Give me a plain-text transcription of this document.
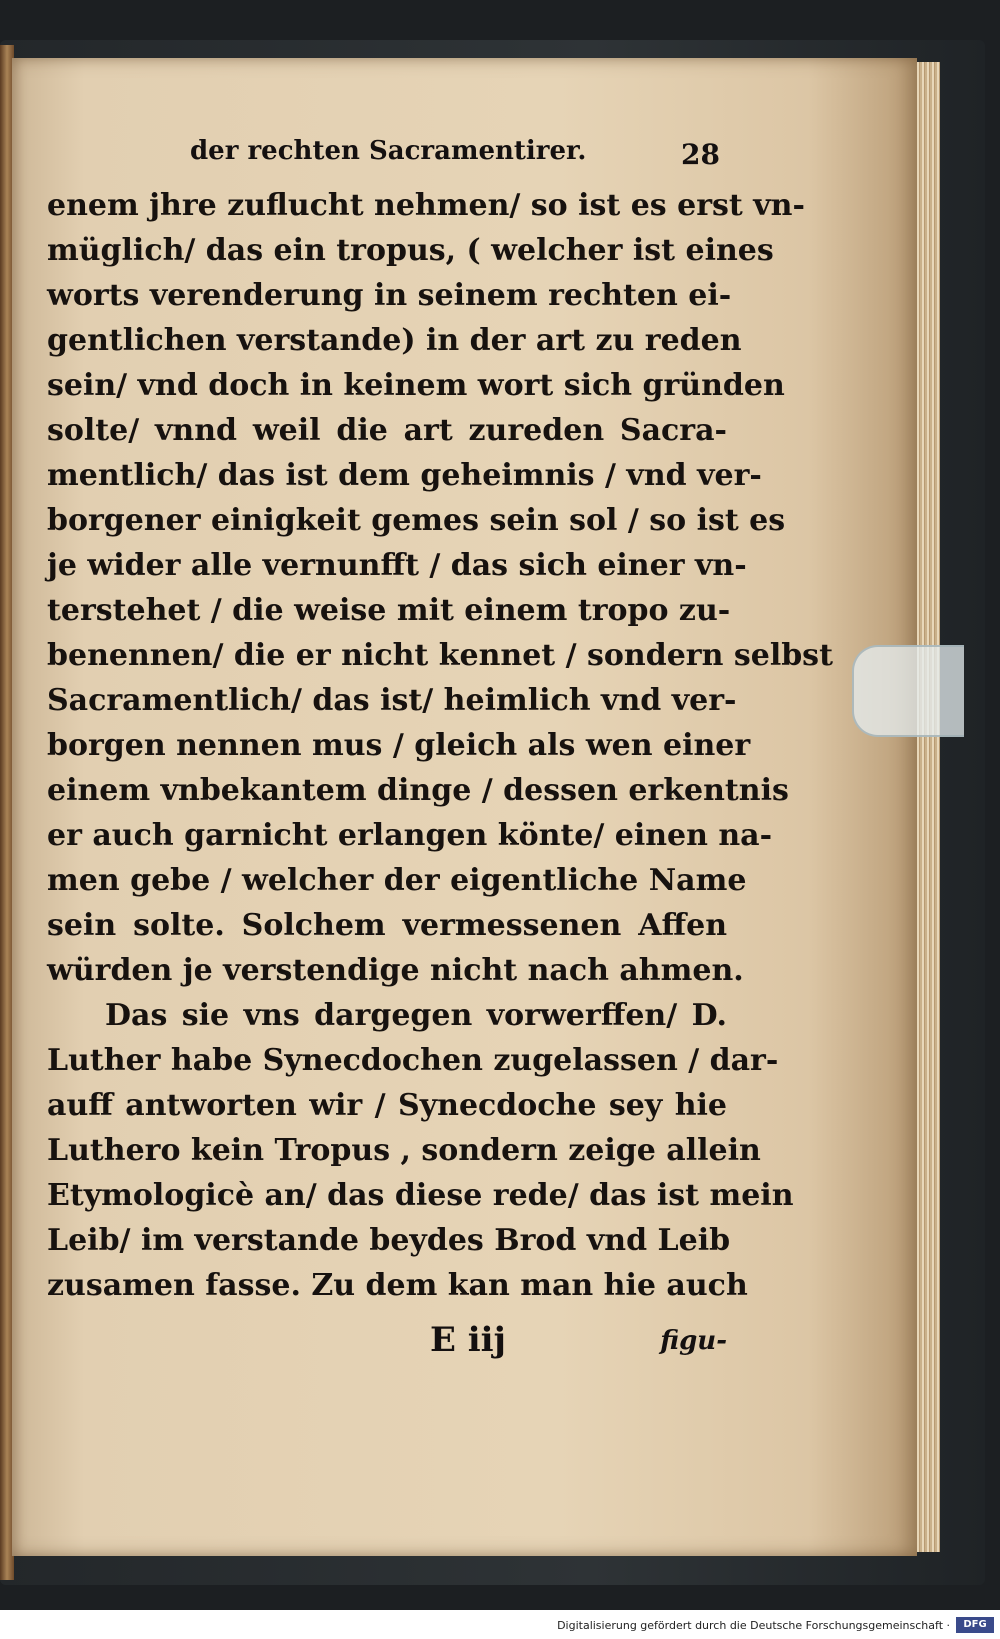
der rechten Sacramentirer.	28
enem jhre zuflucht nehmen/ so ist es erst vn-
müglich/ das ein tropus, ( welcher ist eines
worts verenderung in seinem rechten ei-
gentlichen verstande) in der art zu reden
sein/ vnd doch in keinem wort sich gründen
solte/ vnnd weil die art zureden Sacra-
mentlich/ das ist dem geheimnis / vnd ver-
borgener einigkeit gemes sein sol / so ist es
je wider alle vernunfft / das sich einer vn-
terstehet / die weise mit einem tropo zu-
benennen/ die er nicht kennet / sondern selbst
Sacramentlich/ das ist/ heimlich vnd ver-
borgen nennen mus / gleich als wen einer
einem vnbekantem dinge / dessen erkentnis
er auch garnicht erlangen könte/ einen na-
men gebe / welcher der eigentliche Name
sein solte. Solchem vermessenen Affen
würden je verstendige nicht nach ahmen.
Das sie vns dargegen vorwerffen/ D.
Luther habe Synecdochen zugelassen / dar-
auff antworten wir / Synecdoche sey hie
Luthero kein Tropus , sondern zeige allein
Etymologicè an/ das diese rede/ das ist mein
Leib/ im verstande beydes Brod vnd Leib
zusamen fasse. Zu dem kan man hie auch
E iij	figu-
Digitalisierung gefördert durch die Deutsche Forschungsgemeinschaft ·	DFG
